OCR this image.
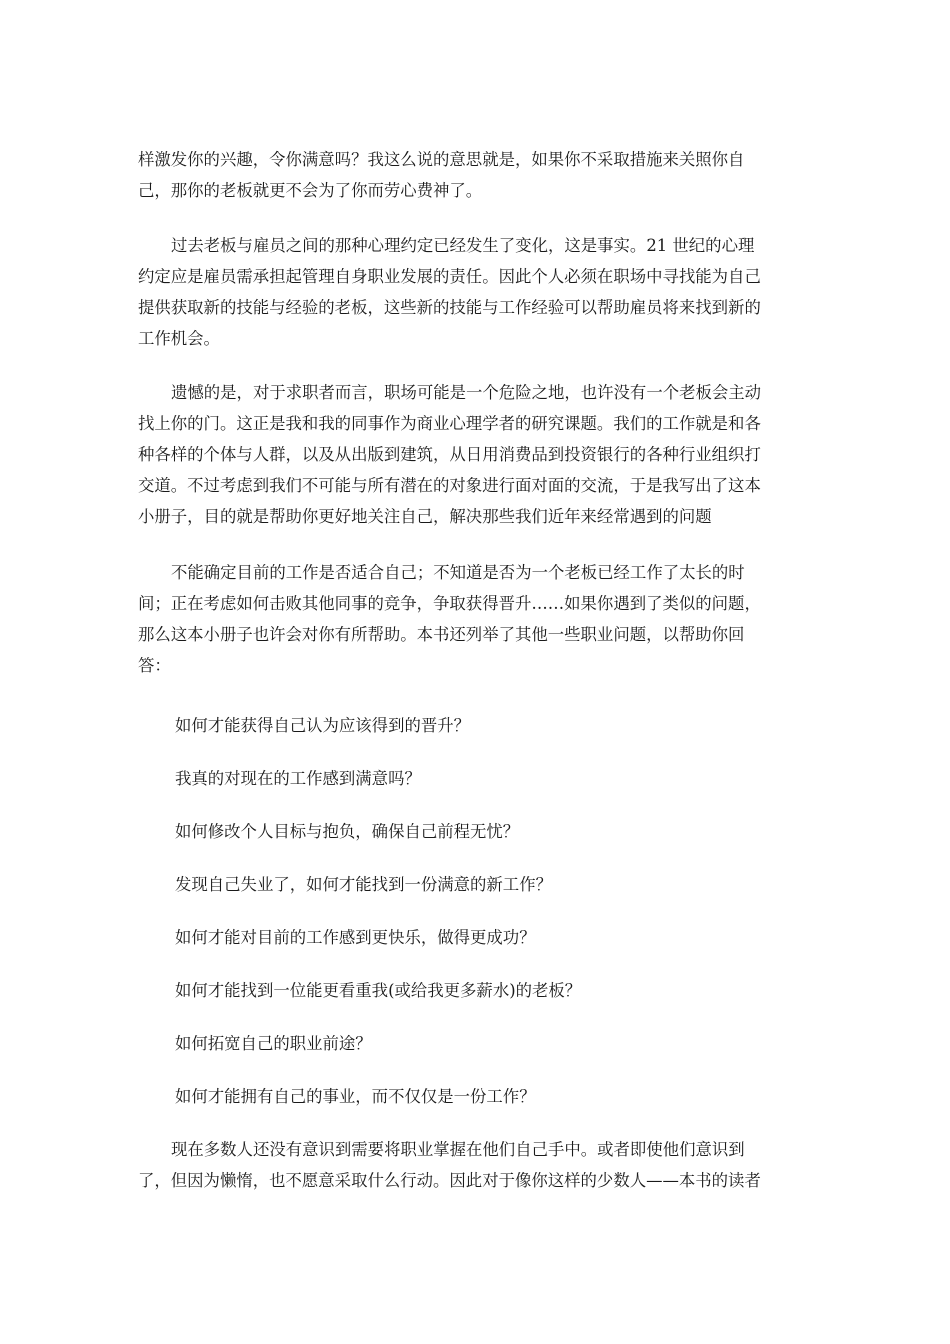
样激发你的兴趣，令你满意吗？我这么说的意思就是，如果你不采取措施来关照你自
己，那你的老板就更不会为了你而劳心费神了。

过去老板与雇员之间的那种心理约定已经发生了变化，这是事实。21 世纪的心理
约定应是雇员需承担起管理自身职业发展的责任。因此个人必须在职场中寻找能为自己
提供获取新的技能与经验的老板，这些新的技能与工作经验可以帮助雇员将来找到新的
工作机会。

遗憾的是，对于求职者而言，职场可能是一个危险之地，也许没有一个老板会主动
找上你的门。这正是我和我的同事作为商业心理学者的研究课题。我们的工作就是和各
种各样的个体与人群，以及从出版到建筑，从日用消费品到投资银行的各种行业组织打
交道。不过考虑到我们不可能与所有潜在的对象进行面对面的交流，于是我写出了这本
小册子，目的就是帮助你更好地关注自己，解决那些我们近年来经常遇到的问题

不能确定目前的工作是否适合自己；不知道是否为一个老板已经工作了太长的时
间；正在考虑如何击败其他同事的竞争，争取获得晋升……如果你遇到了类似的问题，
那么这本小册子也许会对你有所帮助。本书还列举了其他一些职业问题，以帮助你回
答：

如何才能获得自己认为应该得到的晋升？

我真的对现在的工作感到满意吗？

如何修改个人目标与抱负，确保自己前程无忧？

发现自己失业了，如何才能找到一份满意的新工作？

如何才能对目前的工作感到更快乐，做得更成功？

如何才能找到一位能更看重我(或给我更多薪水)的老板？

如何拓宽自己的职业前途？

如何才能拥有自己的事业，而不仅仅是一份工作？

现在多数人还没有意识到需要将职业掌握在他们自己手中。或者即使他们意识到
了，但因为懒惰，也不愿意采取什么行动。因此对于像你这样的少数人——本书的读者
